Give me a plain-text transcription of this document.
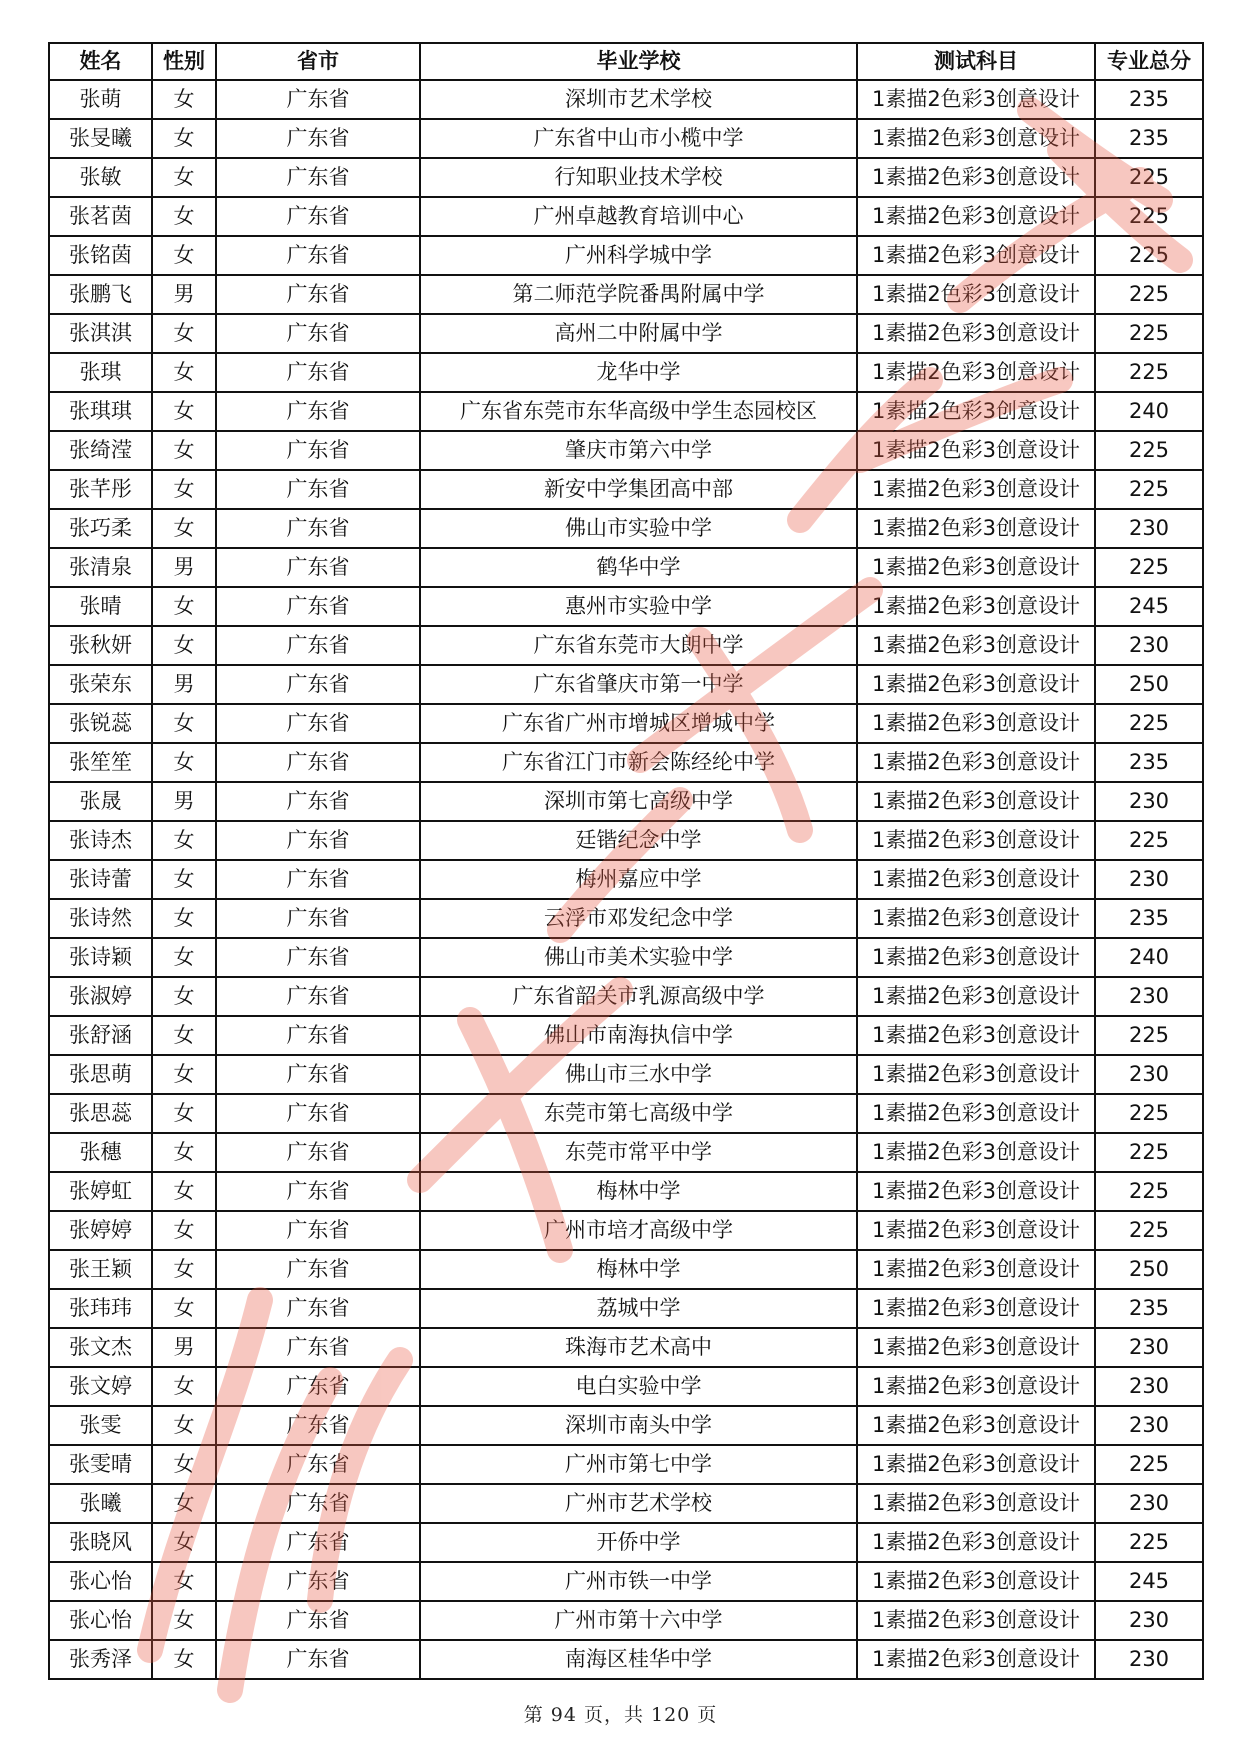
姓名	性别	省市	毕业学校	测试科目	专业总分
张萌	女	广东省	深圳市艺术学校	1素描2色彩3创意设计	235
张旻曦	女	广东省	广东省中山市小榄中学	1素描2色彩3创意设计	235
张敏	女	广东省	行知职业技术学校	1素描2色彩3创意设计	225
张茗茵	女	广东省	广州卓越教育培训中心	1素描2色彩3创意设计	225
张铭茵	女	广东省	广州科学城中学	1素描2色彩3创意设计	225
张鹏飞	男	广东省	第二师范学院番禺附属中学	1素描2色彩3创意设计	225
张淇淇	女	广东省	高州二中附属中学	1素描2色彩3创意设计	225
张琪	女	广东省	龙华中学	1素描2色彩3创意设计	225
张琪琪	女	广东省	广东省东莞市东华高级中学生态园校区	1素描2色彩3创意设计	240
张绮滢	女	广东省	肇庆市第六中学	1素描2色彩3创意设计	225
张芊彤	女	广东省	新安中学集团高中部	1素描2色彩3创意设计	225
张巧柔	女	广东省	佛山市实验中学	1素描2色彩3创意设计	230
张清泉	男	广东省	鹤华中学	1素描2色彩3创意设计	225
张晴	女	广东省	惠州市实验中学	1素描2色彩3创意设计	245
张秋妍	女	广东省	广东省东莞市大朗中学	1素描2色彩3创意设计	230
张荣东	男	广东省	广东省肇庆市第一中学	1素描2色彩3创意设计	250
张锐蕊	女	广东省	广东省广州市增城区增城中学	1素描2色彩3创意设计	225
张笙笙	女	广东省	广东省江门市新会陈经纶中学	1素描2色彩3创意设计	235
张晟	男	广东省	深圳市第七高级中学	1素描2色彩3创意设计	230
张诗杰	女	广东省	廷锴纪念中学	1素描2色彩3创意设计	225
张诗蕾	女	广东省	梅州嘉应中学	1素描2色彩3创意设计	230
张诗然	女	广东省	云浮市邓发纪念中学	1素描2色彩3创意设计	235
张诗颖	女	广东省	佛山市美术实验中学	1素描2色彩3创意设计	240
张淑婷	女	广东省	广东省韶关市乳源高级中学	1素描2色彩3创意设计	230
张舒涵	女	广东省	佛山市南海执信中学	1素描2色彩3创意设计	225
张思萌	女	广东省	佛山市三水中学	1素描2色彩3创意设计	230
张思蕊	女	广东省	东莞市第七高级中学	1素描2色彩3创意设计	225
张穗	女	广东省	东莞市常平中学	1素描2色彩3创意设计	225
张婷虹	女	广东省	梅林中学	1素描2色彩3创意设计	225
张婷婷	女	广东省	广州市培才高级中学	1素描2色彩3创意设计	225
张王颖	女	广东省	梅林中学	1素描2色彩3创意设计	250
张玮玮	女	广东省	荔城中学	1素描2色彩3创意设计	235
张文杰	男	广东省	珠海市艺术高中	1素描2色彩3创意设计	230
张文婷	女	广东省	电白实验中学	1素描2色彩3创意设计	230
张雯	女	广东省	深圳市南头中学	1素描2色彩3创意设计	230
张雯晴	女	广东省	广州市第七中学	1素描2色彩3创意设计	225
张曦	女	广东省	广州市艺术学校	1素描2色彩3创意设计	230
张晓风	女	广东省	开侨中学	1素描2色彩3创意设计	225
张心怡	女	广东省	广州市铁一中学	1素描2色彩3创意设计	245
张心怡	女	广东省	广州市第十六中学	1素描2色彩3创意设计	230
张秀泽	女	广东省	南海区桂华中学	1素描2色彩3创意设计	230
第 94 页，共 120 页
